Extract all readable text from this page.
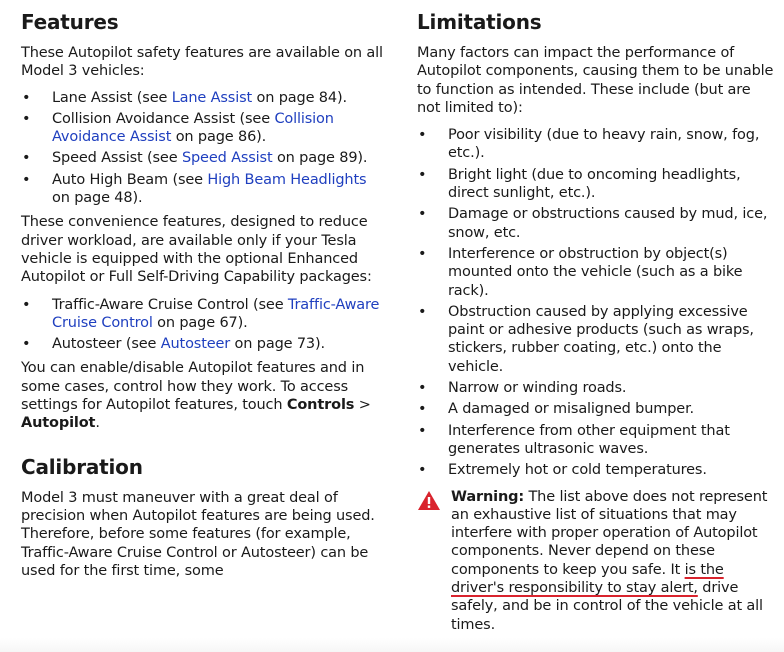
Features

These Autopilot safety features are available on all Model 3 vehicles:

• Lane Assist (see Lane Assist on page 84).
• Collision Avoidance Assist (see Collision Avoidance Assist on page 86).
• Speed Assist (see Speed Assist on page 89).
• Auto High Beam (see High Beam Headlights on page 48).

These convenience features, designed to reduce driver workload, are available only if your Tesla vehicle is equipped with the optional Enhanced Autopilot or Full Self-Driving Capability packages:

• Traffic-Aware Cruise Control (see Traffic-Aware Cruise Control on page 67).
• Autosteer (see Autosteer on page 73).

You can enable/disable Autopilot features and in some cases, control how they work. To access settings for Autopilot features, touch Controls > Autopilot.

Calibration

Model 3 must maneuver with a great deal of precision when Autopilot features are being used. Therefore, before some features (for example, Traffic-Aware Cruise Control or Autosteer) can be used for the first time, some

Limitations

Many factors can impact the performance of Autopilot components, causing them to be unable to function as intended. These include (but are not limited to):

• Poor visibility (due to heavy rain, snow, fog, etc.).
• Bright light (due to oncoming headlights, direct sunlight, etc.).
• Damage or obstructions caused by mud, ice, snow, etc.
• Interference or obstruction by object(s) mounted onto the vehicle (such as a bike rack).
• Obstruction caused by applying excessive paint or adhesive products (such as wraps, stickers, rubber coating, etc.) onto the vehicle.
• Narrow or winding roads.
• A damaged or misaligned bumper.
• Interference from other equipment that generates ultrasonic waves.
• Extremely hot or cold temperatures.

Warning: The list above does not represent an exhaustive list of situations that may interfere with proper operation of Autopilot components. Never depend on these components to keep you safe. It is the driver's responsibility to stay alert, drive safely, and be in control of the vehicle at all times.
